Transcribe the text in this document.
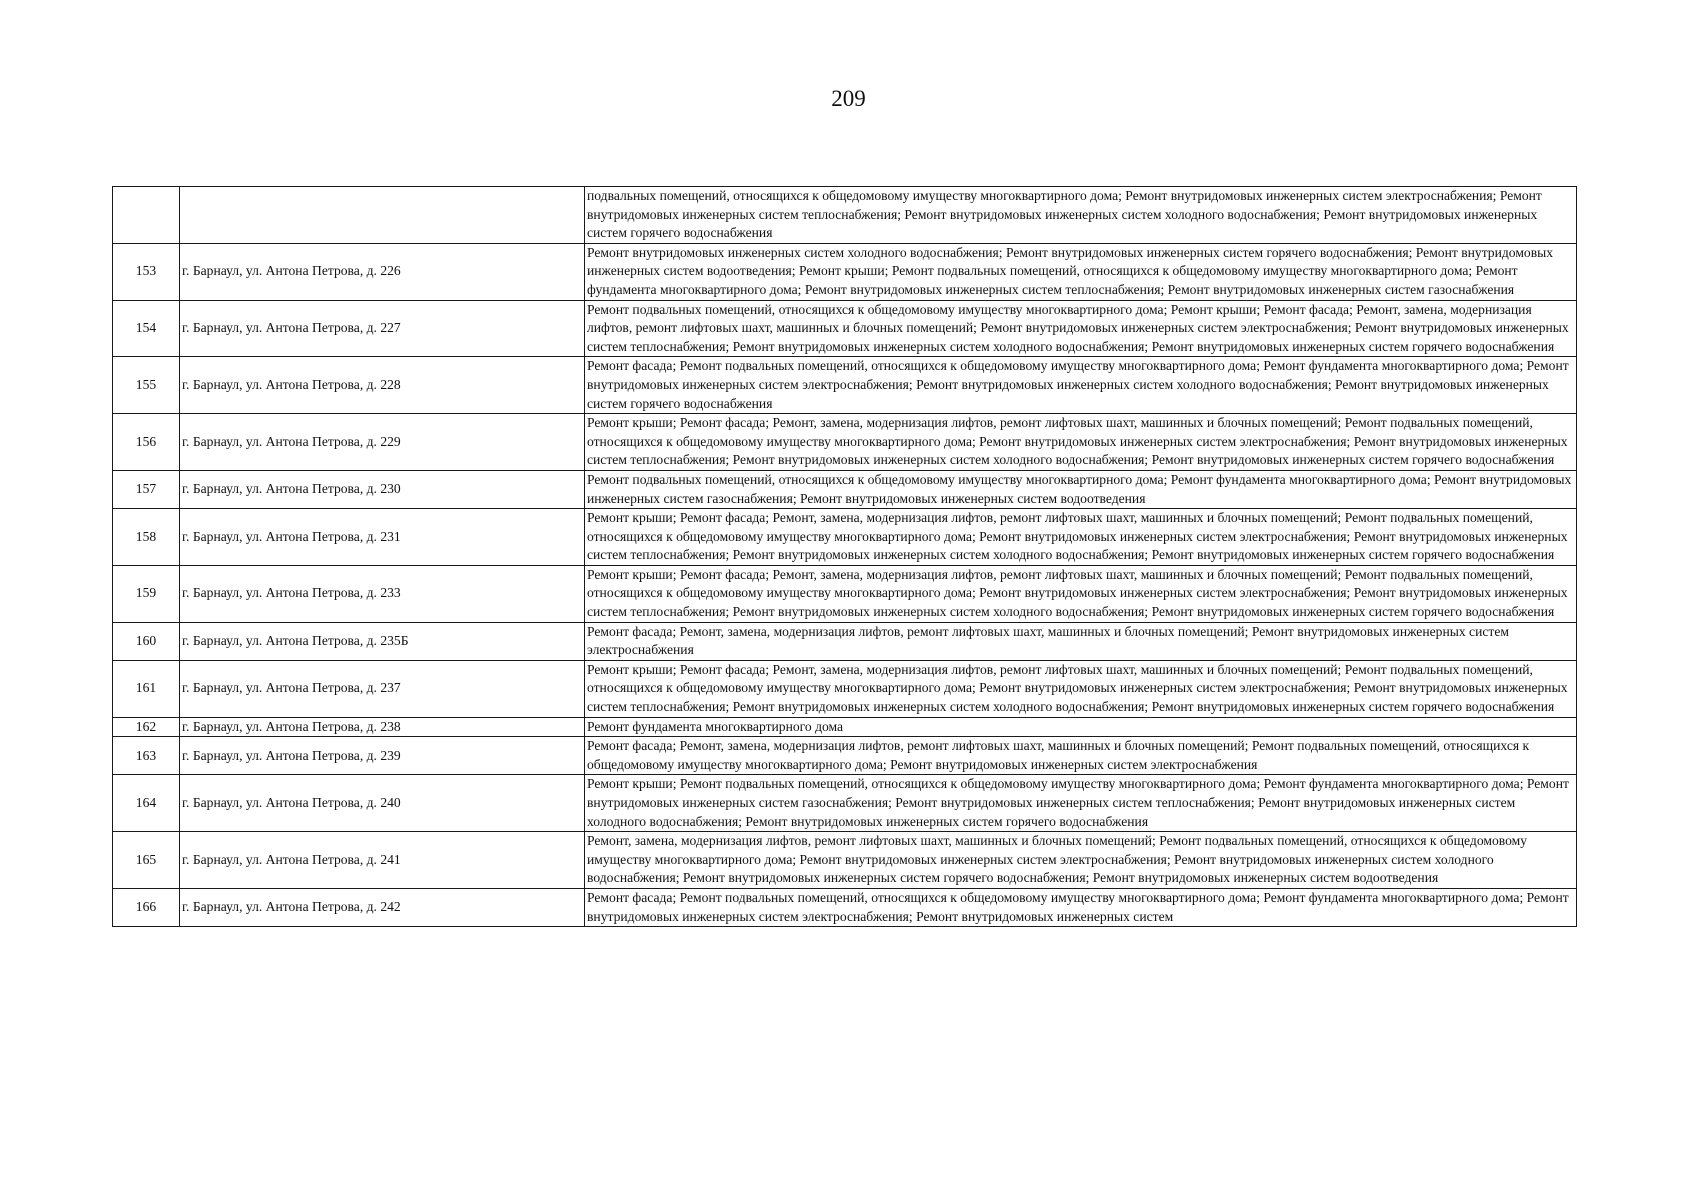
209
		подвальных помещений, относящихся к общедомовому имуществу многоквартирного дома; Ремонт внутридомовых инженерных систем электроснабжения; Ремонт внутридомовых инженерных систем теплоснабжения; Ремонт внутридомовых инженерных систем холодного водоснабжения; Ремонт внутридомовых инженерных систем горячего водоснабжения
153	г. Барнаул, ул. Антона Петрова, д. 226	Ремонт внутридомовых инженерных систем холодного водоснабжения; Ремонт внутридомовых инженерных систем горячего водоснабжения; Ремонт внутридомовых инженерных систем водоотведения; Ремонт крыши; Ремонт подвальных помещений, относящихся к общедомовому имуществу многоквартирного дома; Ремонт фундамента многоквартирного дома; Ремонт внутридомовых инженерных систем теплоснабжения; Ремонт внутридомовых инженерных систем газоснабжения
154	г. Барнаул, ул. Антона Петрова, д. 227	Ремонт подвальных помещений, относящихся к общедомовому имуществу многоквартирного дома; Ремонт крыши; Ремонт фасада; Ремонт, замена, модернизация лифтов, ремонт лифтовых шахт, машинных и блочных помещений; Ремонт внутридомовых инженерных систем электроснабжения; Ремонт внутридомовых инженерных систем теплоснабжения; Ремонт внутридомовых инженерных систем холодного водоснабжения; Ремонт внутридомовых инженерных систем горячего водоснабжения
155	г. Барнаул, ул. Антона Петрова, д. 228	Ремонт фасада; Ремонт подвальных помещений, относящихся к общедомовому имуществу многоквартирного дома; Ремонт фундамента многоквартирного дома; Ремонт внутридомовых инженерных систем электроснабжения; Ремонт внутридомовых инженерных систем холодного водоснабжения; Ремонт внутридомовых инженерных систем горячего водоснабжения
156	г. Барнаул, ул. Антона Петрова, д. 229	Ремонт крыши; Ремонт фасада; Ремонт, замена, модернизация лифтов, ремонт лифтовых шахт, машинных и блочных помещений; Ремонт подвальных помещений, относящихся к общедомовому имуществу многоквартирного дома; Ремонт внутридомовых инженерных систем электроснабжения; Ремонт внутридомовых инженерных систем теплоснабжения; Ремонт внутридомовых инженерных систем холодного водоснабжения; Ремонт внутридомовых инженерных систем горячего водоснабжения
157	г. Барнаул, ул. Антона Петрова, д. 230	Ремонт подвальных помещений, относящихся к общедомовому имуществу многоквартирного дома; Ремонт фундамента многоквартирного дома; Ремонт внутридомовых инженерных систем газоснабжения; Ремонт внутридомовых инженерных систем водоотведения
158	г. Барнаул, ул. Антона Петрова, д. 231	Ремонт крыши; Ремонт фасада; Ремонт, замена, модернизация лифтов, ремонт лифтовых шахт, машинных и блочных помещений; Ремонт подвальных помещений, относящихся к общедомовому имуществу многоквартирного дома; Ремонт внутридомовых инженерных систем электроснабжения; Ремонт внутридомовых инженерных систем теплоснабжения; Ремонт внутридомовых инженерных систем холодного водоснабжения; Ремонт внутридомовых инженерных систем горячего водоснабжения
159	г. Барнаул, ул. Антона Петрова, д. 233	Ремонт крыши; Ремонт фасада; Ремонт, замена, модернизация лифтов, ремонт лифтовых шахт, машинных и блочных помещений; Ремонт подвальных помещений, относящихся к общедомовому имуществу многоквартирного дома; Ремонт внутридомовых инженерных систем электроснабжения; Ремонт внутридомовых инженерных систем теплоснабжения; Ремонт внутридомовых инженерных систем холодного водоснабжения; Ремонт внутридомовых инженерных систем горячего водоснабжения
160	г. Барнаул, ул. Антона Петрова, д. 235Б	Ремонт фасада; Ремонт, замена, модернизация лифтов, ремонт лифтовых шахт, машинных и блочных помещений; Ремонт внутридомовых инженерных систем электроснабжения
161	г. Барнаул, ул. Антона Петрова, д. 237	Ремонт крыши; Ремонт фасада; Ремонт, замена, модернизация лифтов, ремонт лифтовых шахт, машинных и блочных помещений; Ремонт подвальных помещений, относящихся к общедомовому имуществу многоквартирного дома; Ремонт внутридомовых инженерных систем электроснабжения; Ремонт внутридомовых инженерных систем теплоснабжения; Ремонт внутридомовых инженерных систем холодного водоснабжения; Ремонт внутридомовых инженерных систем горячего водоснабжения
162	г. Барнаул, ул. Антона Петрова, д. 238	Ремонт фундамента многоквартирного дома
163	г. Барнаул, ул. Антона Петрова, д. 239	Ремонт фасада; Ремонт, замена, модернизация лифтов, ремонт лифтовых шахт, машинных и блочных помещений; Ремонт подвальных помещений, относящихся к общедомовому имуществу многоквартирного дома; Ремонт внутридомовых инженерных систем электроснабжения
164	г. Барнаул, ул. Антона Петрова, д. 240	Ремонт крыши; Ремонт подвальных помещений, относящихся к общедомовому имуществу многоквартирного дома; Ремонт фундамента многоквартирного дома; Ремонт внутридомовых инженерных систем газоснабжения; Ремонт внутридомовых инженерных систем теплоснабжения; Ремонт внутридомовых инженерных систем холодного водоснабжения; Ремонт внутридомовых инженерных систем горячего водоснабжения
165	г. Барнаул, ул. Антона Петрова, д. 241	Ремонт, замена, модернизация лифтов, ремонт лифтовых шахт, машинных и блочных помещений; Ремонт подвальных помещений, относящихся к общедомовому имуществу многоквартирного дома; Ремонт внутридомовых инженерных систем электроснабжения; Ремонт внутридомовых инженерных систем холодного водоснабжения; Ремонт внутридомовых инженерных систем горячего водоснабжения; Ремонт внутридомовых инженерных систем водоотведения
166	г. Барнаул, ул. Антона Петрова, д. 242	Ремонт фасада; Ремонт подвальных помещений, относящихся к общедомовому имуществу многоквартирного дома; Ремонт фундамента многоквартирного дома; Ремонт внутридомовых инженерных систем электроснабжения; Ремонт внутридомовых инженерных систем
